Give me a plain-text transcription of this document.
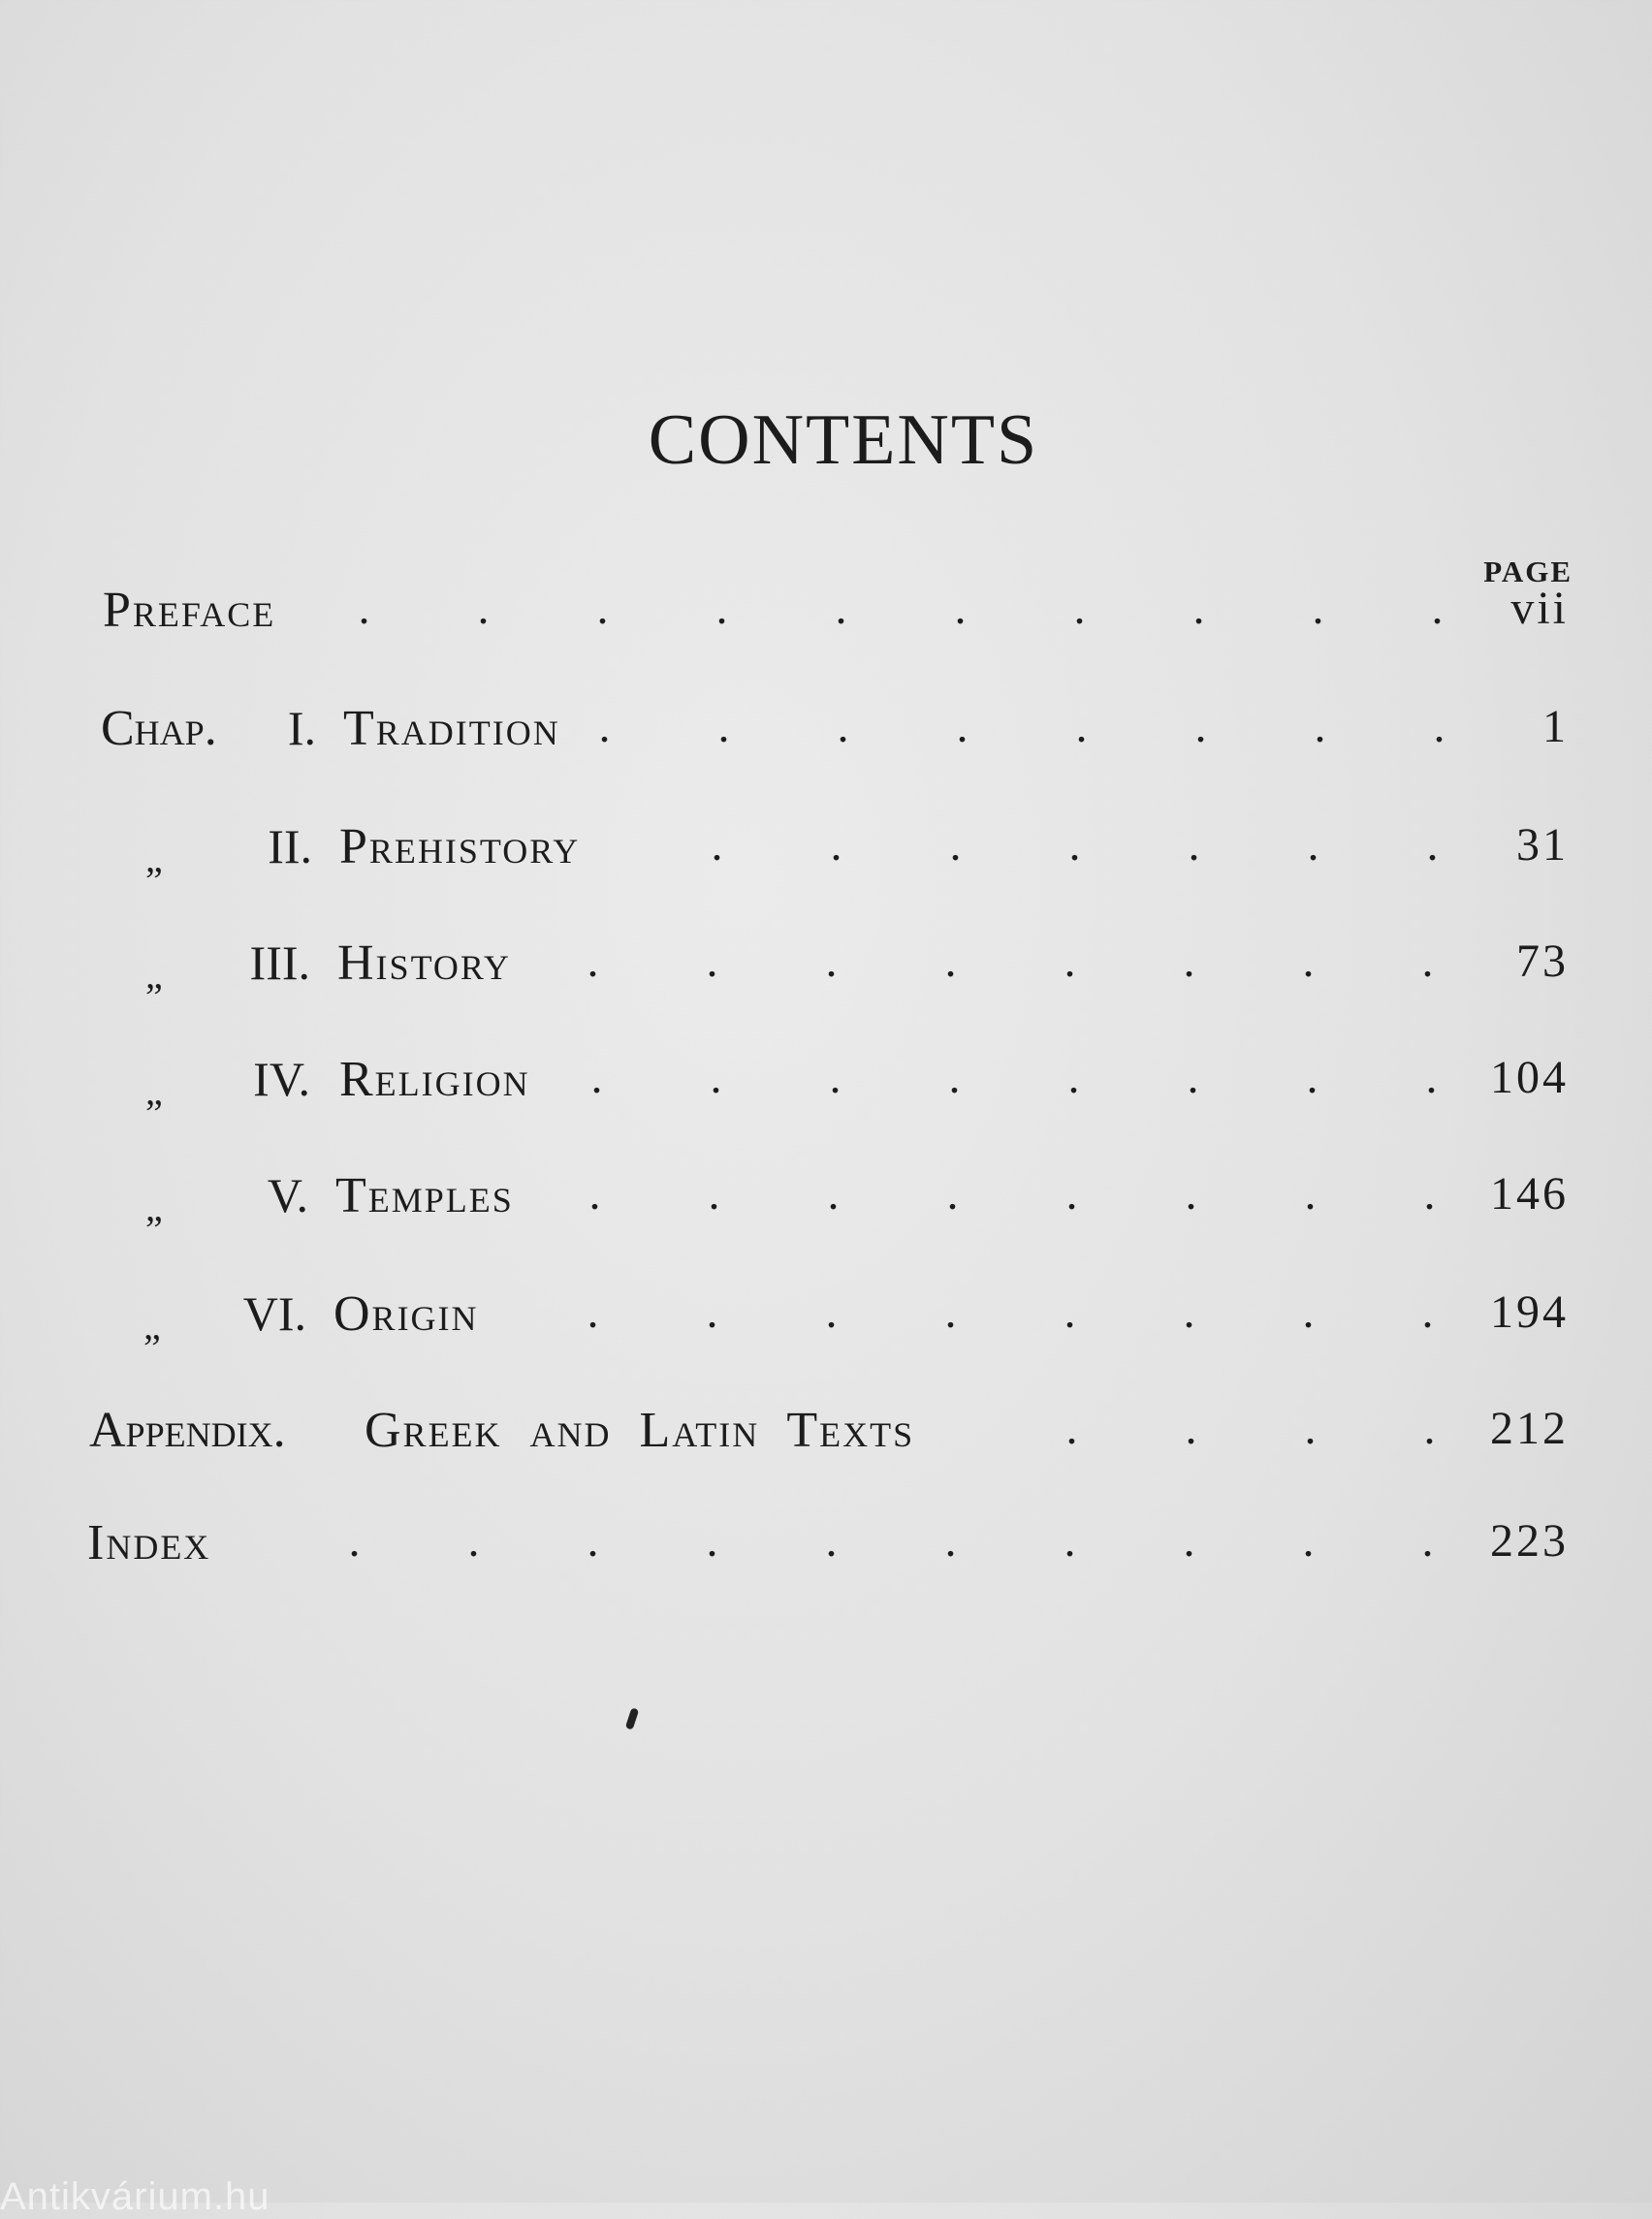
CONTENTS
PAGE
Preface	. . . . . . . . . .	vii
Chap.	I. Tradition . . . . . . . .	1
„	II. Prehistory	. . . . . . .	31
„	III. History	. . . . . . . .	73
„	IV. Religion	. . . . . . . .	104
„	V. Temples	. . . . . . . .	146
„	VI. Origin	. . . . . . . .	194
Appendix. Greek and Latin Texts	. . . .	212
Index	. . . . . . . . . .	223
Antikvárium.hu
